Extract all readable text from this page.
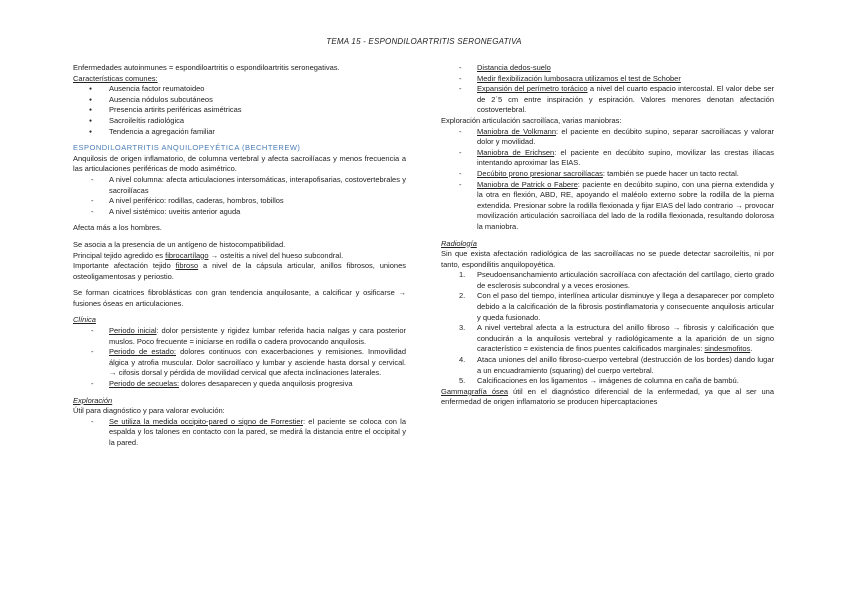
TEMA 15 - ESPONDILOARTRITIS SERONEGATIVA

Enfermedades autoinmunes = espondiloartritis o espondiloartritis seronegativas.

Características comunes:

● Ausencia factor reumatoideo
● Ausencia nódulos subcutáneos
● Presencia artirits periféricas asimétricas
● Sacroileítis radiológica
● Tendencia a agregación familiar

ESPONDILOARTRITIS ANQUILOPEYÉTICA (BECHTEREW)

Anquilosis de origen inflamatorio, de columna vertebral y afecta sacroilíacas y menos frecuencia a las articulaciones periféricas de modo asimétrico.

- A nivel columna: afecta articulaciones intersomáticas, interapofisarias, costovertebrales y sacroilíacas
- A nivel periférico: rodillas, caderas, hombros, tobillos
- A nivel sistémico: uveitis anterior aguda

Afecta más a los hombres.

Se asocia a la presencia de un antígeno de histocompatibilidad.

Principal tejido agredido es fibrocartílago → osteítis a nivel del hueso subcondral.

Importante afectación tejido fibroso a nivel de la cápsula articular, anillos fibrosos, uniones osteoligamentosas y periostio.

Se forman cicatrices fibroblásticas con gran tendencia anquilosante, a calcificar y osificarse → fusiones óseas en articulaciones.

Clínica

- Periodo inicial: dolor persistente y rigidez lumbar referida hacia nalgas y cara posterior muslos. Poco frecuente = iniciarse en rodilla o cadera provocando anquilosis.
- Periodo de estado: dolores continuos con exacerbaciones y remisiones. Inmovilidad álgica y atrofia muscular. Dolor sacroilíaco y lumbar y asciende hasta dorsal y cervical. → cifosis dorsal y pérdida de movilidad cervical que afecta inclinaciones laterales.
- Periodo de secuelas: dolores desaparecen y queda anquilosis progresiva

Exploración

Útil para diagnóstico y para valorar evolución:

- Se utiliza la medida occipito-pared o signo de Forrestier: el paciente se coloca con la espalda y los talones en contacto con la pared, se medirá la distancia entre el occipital y la pared.
- Distancia dedos-suelo
- Medir flexibilización lumbosacra utilizamos el test de Schober
- Expansión del perímetro torácico a nivel del cuarto espacio intercostal. El valor debe ser de 2´5 cm entre inspiración y espiración. Valores menores denotan afectación costovertebral.

Exploración articulación sacroilíaca, varias maniobras:

- Maniobra de Volkmann: el paciente en decúbito supino, separar sacroilíacas y valorar dolor y movilidad.
- Maniobra de Erichsen: el paciente en decúbito supino, movilizar las crestas ilíacas intentando aproximar las EIAS.
- Decúbito prono presionar sacroilíacas: también se puede hacer un tacto rectal.
- Maniobra de Patrick o Fabere: paciente en decúbito supino, con una pierna extendida y la otra en flexión, ABD, RE, apoyando el maléolo externo sobre la rodilla de la pierna extendida. Presionar sobre la rodilla flexionada y fijar EIAS del lado contrario → provocar movilización articulación sacroilíaca del lado de la rodilla flexionada, resultando dolorosa la maniobra.

Radiología

Sin que exista afectación radiológica de las sacroilíacas no se puede detectar sacroileítis, ni por tanto, espondilitis anquilopoyética.

1. Pseudoensanchamiento articulación sacroilíaca con afectación del cartílago, cierto grado de esclerosis subcondral y a veces erosiones.
2. Con el paso del tiempo, interlínea articular disminuye y llega a desaparecer por completo debido a la calcificación de la fibrosis postinflamatoria y consecuente anquilosis articular y queda fusionado.
3. A nivel vertebral afecta a la estructura del anillo fibroso → fibrosis y calcificación que conducirán a la anquilosis vertebral y radiológicamente a la aparición de un signo característico = existencia de finos puentes calcificados marginales: sindesmofitos.
4. Ataca uniones del anillo fibroso-cuerpo vertebral (destrucción de los bordes) dando lugar a un encuadramiento (squaring) del cuerpo vertebral.
5. Calcificaciones en los ligamentos → imágenes de columna en caña de bambú.

Gammagrafía ósea útil en el diagnóstico diferencial de la enfermedad, ya que al ser una enfermedad de origen inflamatorio se producen hipercaptaciones
